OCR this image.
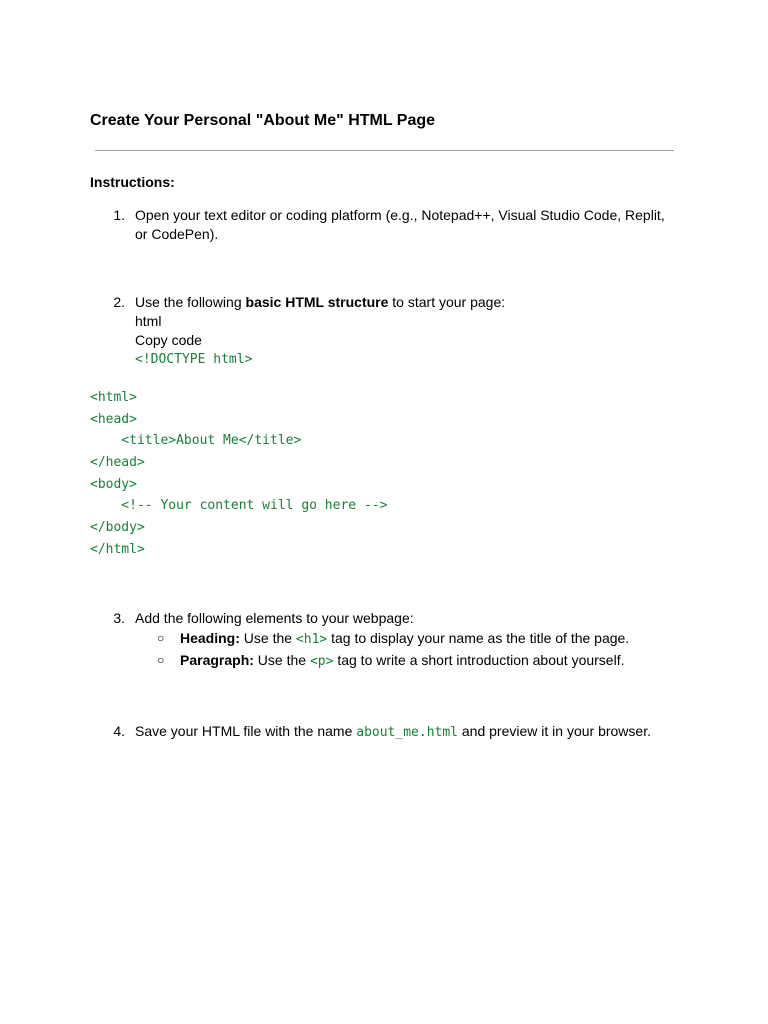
Create Your Personal "About Me" HTML Page
Instructions:
1. Open your text editor or coding platform (e.g., Notepad++, Visual Studio Code, Replit, or CodePen).
2. Use the following basic HTML structure to start your page:
html
Copy code
<!DOCTYPE html>
<html>
<head>
<title>About Me</title>
</head>
<body>
<!-- Your content will go here -->
</body>
</html>
3. Add the following elements to your webpage:
○ Heading: Use the <h1> tag to display your name as the title of the page.
○ Paragraph: Use the <p> tag to write a short introduction about yourself.
4. Save your HTML file with the name about_me.html and preview it in your browser.
